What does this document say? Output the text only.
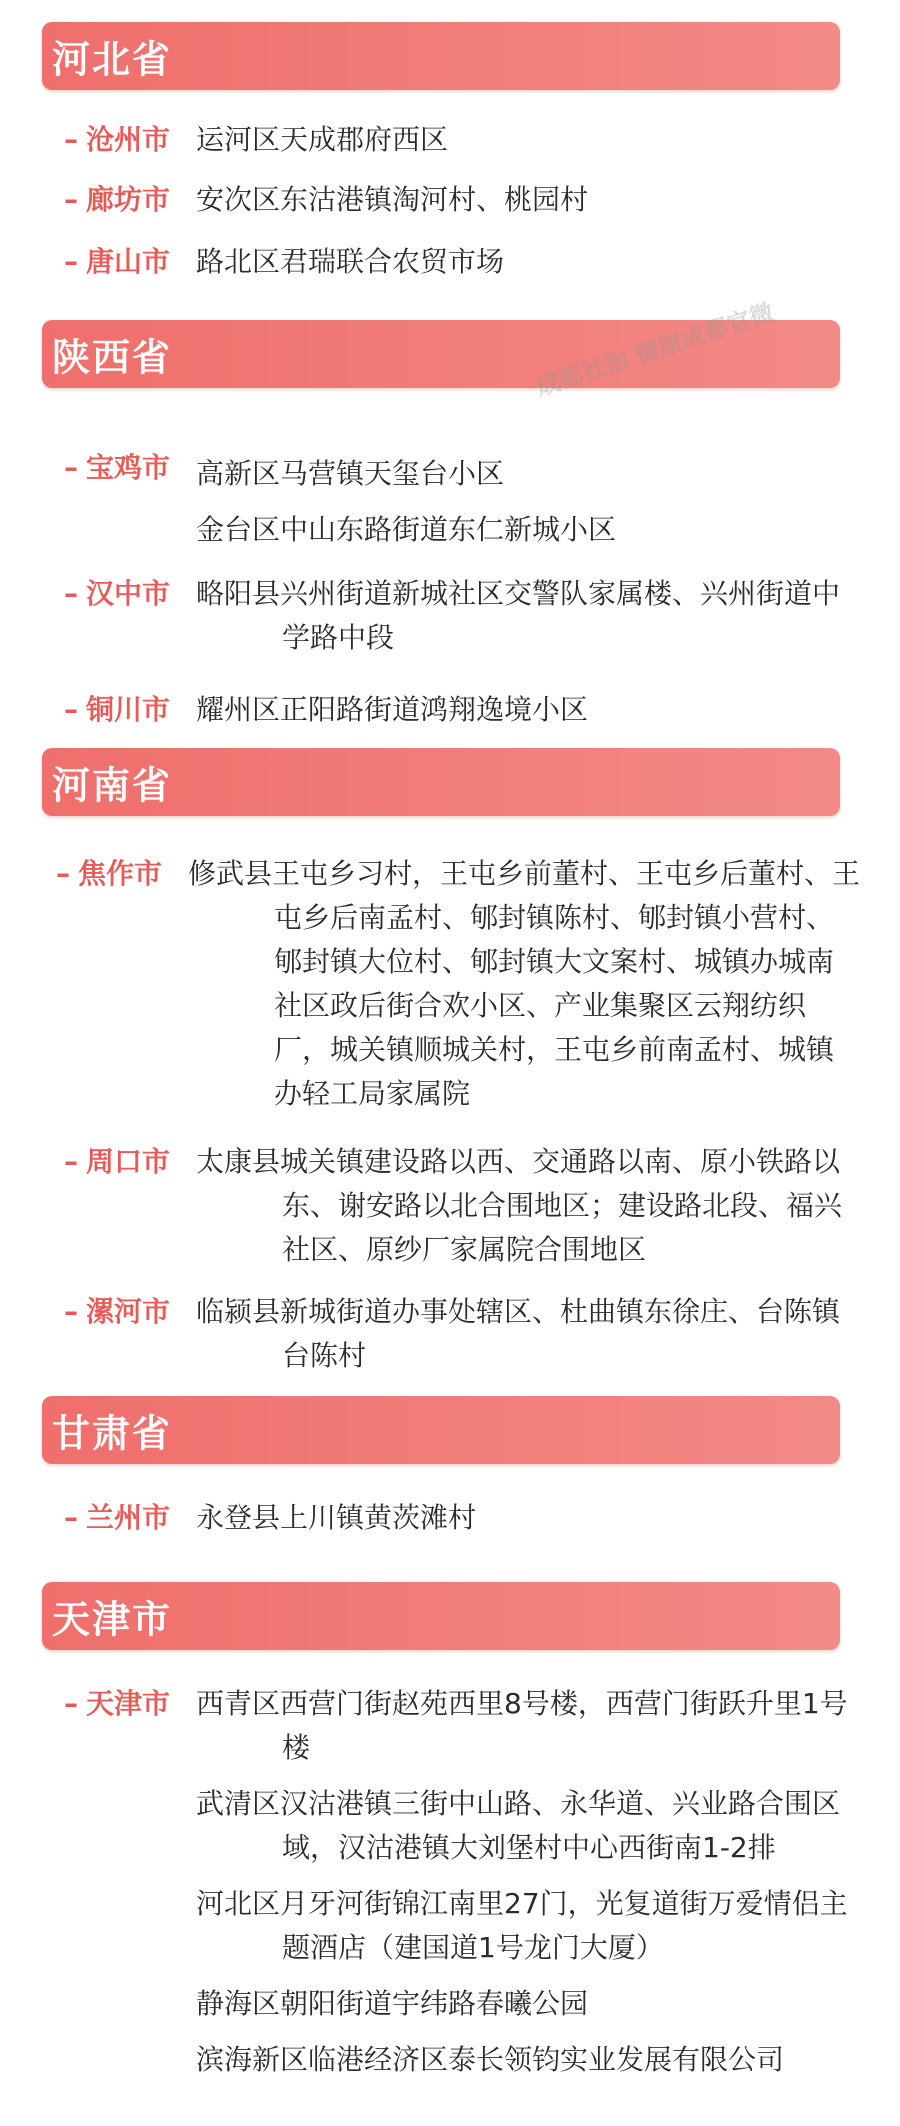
河北省
– 沧州市 运河区天成郡府西区

– 廊坊市 安次区东沽港镇淘河村、桃园村

– 唐山市 路北区君瑞联合农贸市场

陕西省	成都社治 健康成都官微
– 宝鸡市 高新区马营镇天玺台小区

金台区中山东路街道东仁新城小区

– 汉中市 略阳县兴州街道新城社区交警队家属楼、兴州街道中学路中段

– 铜川市 耀州区正阳路街道鸿翔逸境小区

河南省
– 焦作市 修武县王屯乡习村，王屯乡前董村、王屯乡后董村、王屯乡后南孟村、郇封镇陈村、郇封镇小营村、郇封镇大位村、郇封镇大文案村、城镇办城南社区政后街合欢小区、产业集聚区云翔纺织厂，城关镇顺城关村，王屯乡前南孟村、城镇办轻工局家属院

– 周口市 太康县城关镇建设路以西、交通路以南、原小铁路以东、谢安路以北合围地区；建设路北段、福兴社区、原纱厂家属院合围地区

– 漯河市 临颍县新城街道办事处辖区、杜曲镇东徐庄、台陈镇台陈村

甘肃省
– 兰州市 永登县上川镇黄茨滩村

天津市
– 天津市 西青区西营门街赵苑西里8号楼，西营门街跃升里1号楼

武清区汉沽港镇三街中山路、永华道、兴业路合围区域，汉沽港镇大刘堡村中心西街南1-2排

河北区月牙河街锦江南里27门，光复道街万爱情侣主题酒店（建国道1号龙门大厦）

静海区朝阳街道宇纬路春曦公园

滨海新区临港经济区泰长领钧实业发展有限公司
